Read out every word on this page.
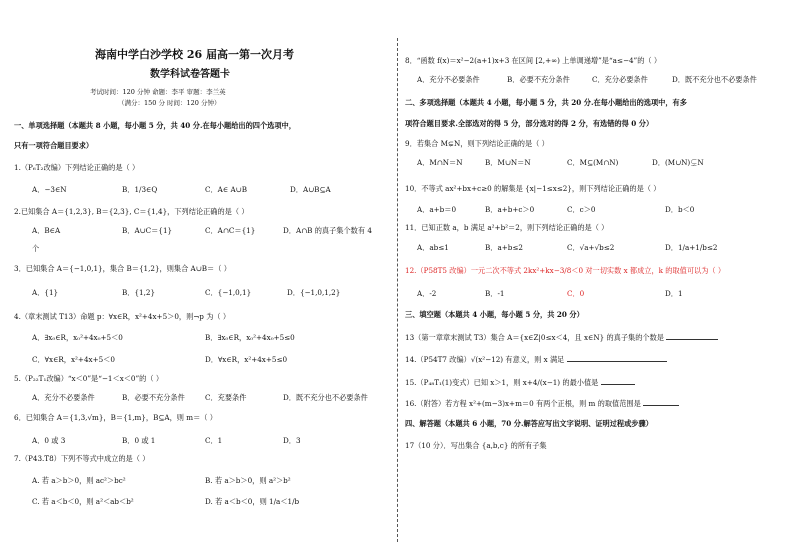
海南中学白沙学校 26 届高一第一次月考
数学科试卷答题卡
考试时间：120 分钟 命题：李平 审题：李兰英
（满分：150 分 时间：120 分钟）
一、单项选择题（本题共 8 小题，每小题 5 分，共 40 分.在每小题给出的四个选项中，
只有一项符合题目要求）
1.（P₆T₂改编）下列结论正确的是（ ）
A．−3∈N	B．1/3∈Q	C．A∈ A∪B	D．A∪B⊆A
2.已知集合 A＝{1,2,3}, B＝{2,3}, C＝{1,4}，下列结论正确的是（ ）
A．B∈A	B．A∪C＝{1}	C．A∩C＝{1}	D．A∩B 的真子集个数有 4
个
3．已知集合 A＝{−1,0,1}，集合 B＝{1,2}，则集合 A∪B＝（ ）
A．{1}	B．{1,2}	C．{−1,0,1}	D．{−1,0,1,2}
4.（章末测试 T13）命题 p：∀x∈R，x²+4x+5＞0，则¬p 为（ ）
A．∃x₀∈R，x₀²+4x₀+5＜0	B．∃x₀∈R，x₀²+4x₀+5≤0
C．∀x∈R，x²+4x+5＜0	D．∀x∈R，x²+4x+5≤0
5.（P₂₂T₁改编）“x＜0”是“−1＜x＜0”的（ ）
A．充分不必要条件	B．必要不充分条件	C．充要条件	D．既不充分也不必要条件
6．已知集合 A＝{1,3,√m}，B＝{1,m}，B⊆A，则 m＝（ ）
A．0 或 3	B．0 或 1	C．1	D．3
7.（P43.T8）下列不等式中成立的是（ ）
A. 若 a＞b＞0，则 ac²＞bc²	B. 若 a＞b＞0，则 a²＞b²
C. 若 a＜b＜0，则 a²＜ab＜b²	D. 若 a＜b＜0，则 1/a＜1/b
8．“函数 f(x)＝x²−2(a+1)x+3 在区间 [2,+∞) 上单调递增”是“a≤−4”的（ ）
A．充分不必要条件	B．必要不充分条件	C．充分必要条件	D．既不充分也不必要条件
二、多项选择题（本题共 4 小题，每小题 5 分，共 20 分.在每小题给出的选项中，有多
项符合题目要求.全部选对的得 5 分，部分选对的得 2 分，有选错的得 0 分）
9．若集合 M⊊N，则下列结论正确的是（ ）
A．M∩N＝N	B．M∪N＝N	C．M⊆(M∩N)	D．(M∪N)⊊N
10．不等式 ax²+bx+c≥0 的解集是 {x|−1≤x≤2}，则下列结论正确的是（ ）
A．a+b＝0	B．a+b+c＞0	C．c＞0	D．b＜0
11．已知正数 a，b 满足 a²+b²＝2，则下列结论正确的是（ ）
A．ab≤1	B．a+b≤2	C．√a+√b≤2	D．1/a+1/b≤2
12.（P58T5 改编）一元二次不等式 2kx²+kx−3/8＜0 对一切实数 x 都成立，k 的取值可以为（ ）
A．-2	B．-1	C．0	D．1
三、填空题（本题共 4 小题，每小题 5 分，共 20 分）
13（第一章章末测试 T3）集合 A＝{x∈Z|0≤x＜4，且 x∈N} 的真子集的个数是
14.（P54T7 改编）√(x²−12) 有意义，则 x 满足
15.（P₄₈T₁(1)变式）已知 x＞1，则 x+4/(x−1) 的最小值是
16.（附答）若方程 x²+(m−3)x+m＝0 有两个正根，则 m 的取值范围是
四、解答题（本题共 6 小题，70 分.解答应写出文字说明、证明过程或步骤）
17（10 分）．写出集合 {a,b,c} 的所有子集
